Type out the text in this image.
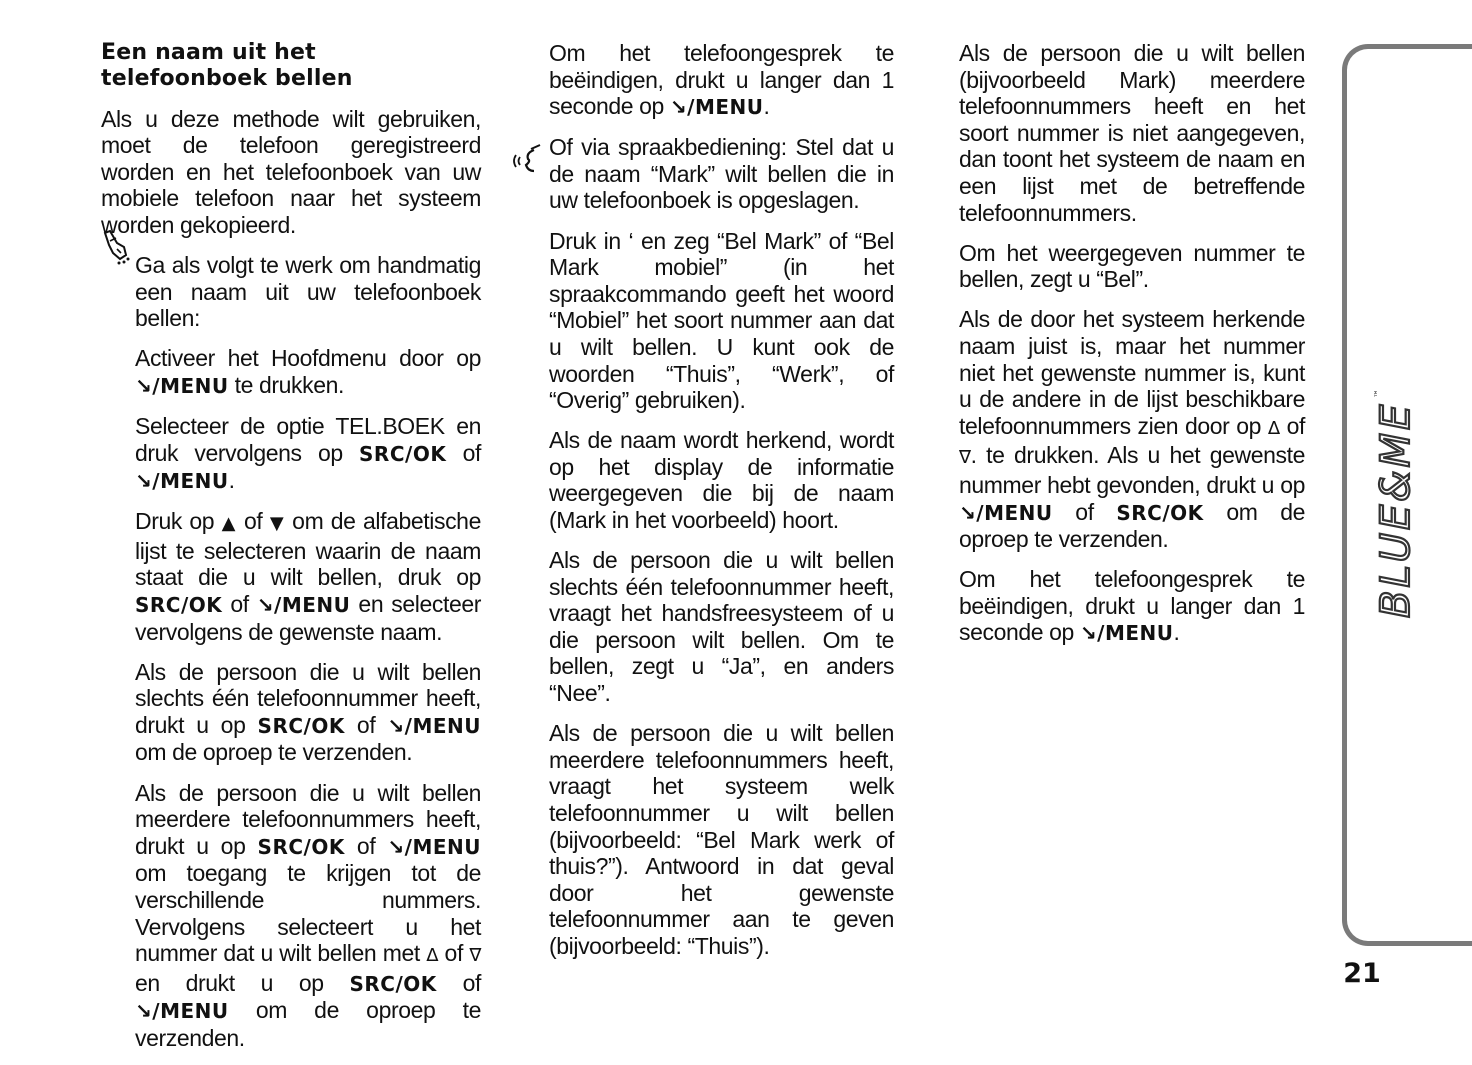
Een naam uit het
telefoonboek bellen

Als u deze methode wilt gebruiken, moet de telefoon geregistreerd worden en het telefoonboek van uw mobiele telefoon naar het systeem worden gekopieerd.

Ga als volgt te werk om handmatig een naam uit uw telefoonboek bellen:

Activeer het Hoofdmenu door op ↘/MENU te drukken.

Selecteer de optie TEL.BOEK en druk vervolgens op SRC/OK of ↘/MENU.

Druk op ▲ of ▼ om de alfabetische lijst te selecteren waarin de naam staat die u wilt bellen, druk op SRC/OK of ↘/MENU en selecteer vervolgens de gewenste naam.

Als de persoon die u wilt bellen slechts één telefoonnummer heeft, drukt u op SRC/OK of ↘/MENU om de oproep te verzenden.

Als de persoon die u wilt bellen meerdere telefoonnummers heeft, drukt u op SRC/OK of ↘/MENU om toegang te krijgen tot de verschillende nummers. Vervolgens selecteert u het nummer dat u wilt bellen met Δ of ∇ en drukt u op SRC/OK of ↘/MENU om de oproep te verzenden.

Om het telefoongesprek te beëindigen, drukt u langer dan 1 seconde op ↘/MENU.

Of via spraakbediening: Stel dat u de naam “Mark” wilt bellen die in uw telefoonboek is opgeslagen.

Druk in ‘ en zeg “Bel Mark” of “Bel Mark mobiel” (in het spraakcommando geeft het woord “Mobiel” het soort nummer aan dat u wilt bellen. U kunt ook de woorden “Thuis”, “Werk”, of “Overig” gebruiken).

Als de naam wordt herkend, wordt op het display de informatie weergegeven die bij de naam (Mark in het voorbeeld) hoort.

Als de persoon die u wilt bellen slechts één telefoonnummer heeft, vraagt het handsfreesysteem of u die persoon wilt bellen. Om te bellen, zegt u “Ja”, en anders “Nee”.

Als de persoon die u wilt bellen meerdere telefoonnummers heeft, vraagt het systeem welk telefoonnummer u wilt bellen (bijvoorbeeld: “Bel Mark werk of thuis?”). Antwoord in dat geval door het gewenste telefoonnummer aan te geven (bijvoorbeeld: “Thuis”).

Als de persoon die u wilt bellen (bijvoorbeeld Mark) meerdere telefoonnummers heeft en het soort nummer is niet aangegeven, dan toont het systeem de naam en een lijst met de betreffende telefoonnummers.

Om het weergegeven nummer te bellen, zegt u “Bel”.

Als de door het systeem herkende naam juist is, maar het nummer niet het gewenste nummer is, kunt u de andere in de lijst beschikbare telefoonnummers zien door op Δ of ∇. te drukken. Als u het gewenste nummer hebt gevonden, drukt u op ↘/MENU of SRC/OK om de oproep te verzenden.

Om het telefoongesprek te beëindigen, drukt u langer dan 1 seconde op ↘/MENU.

BLUE&ME
™
21
